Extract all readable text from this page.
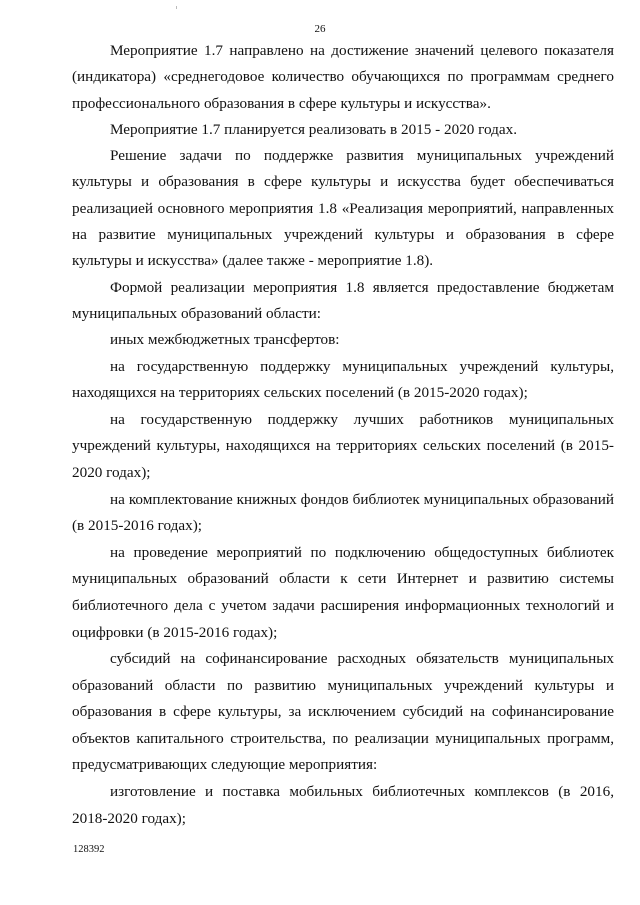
26

Мероприятие 1.7 направлено на достижение значений целевого показателя (индикатора) «среднегодовое количество обучающихся по программам среднего профессионального образования в сфере культуры и искусства».

Мероприятие 1.7 планируется реализовать в 2015 - 2020 годах.

Решение задачи по поддержке развития муниципальных учреждений культуры и образования в сфере культуры и искусства будет обеспечиваться реализацией основного мероприятия 1.8 «Реализация мероприятий, направленных на развитие муниципальных учреждений культуры и образования в сфере культуры и искусства» (далее также - мероприятие 1.8).

Формой реализации мероприятия 1.8 является предоставление бюджетам муниципальных образований области:

иных межбюджетных трансфертов:

на государственную поддержку муниципальных учреждений культуры, находящихся на территориях сельских поселений (в 2015-2020 годах);

на государственную поддержку лучших работников муниципальных учреждений культуры, находящихся на территориях сельских поселений (в 2015-2020 годах);

на комплектование книжных фондов библиотек муниципальных образований (в 2015-2016 годах);

на проведение мероприятий по подключению общедоступных библиотек муниципальных образований области к сети Интернет и развитию системы библиотечного дела с учетом задачи расширения информационных технологий и оцифровки (в 2015-2016 годах);

субсидий на софинансирование расходных обязательств муниципальных образований области по развитию муниципальных учреждений культуры и образования в сфере культуры, за исключением субсидий на софинансирование объектов капитального строительства, по реализации муниципальных программ, предусматривающих следующие мероприятия:

изготовление и поставка мобильных библиотечных комплексов (в 2016, 2018-2020 годах);

128392
